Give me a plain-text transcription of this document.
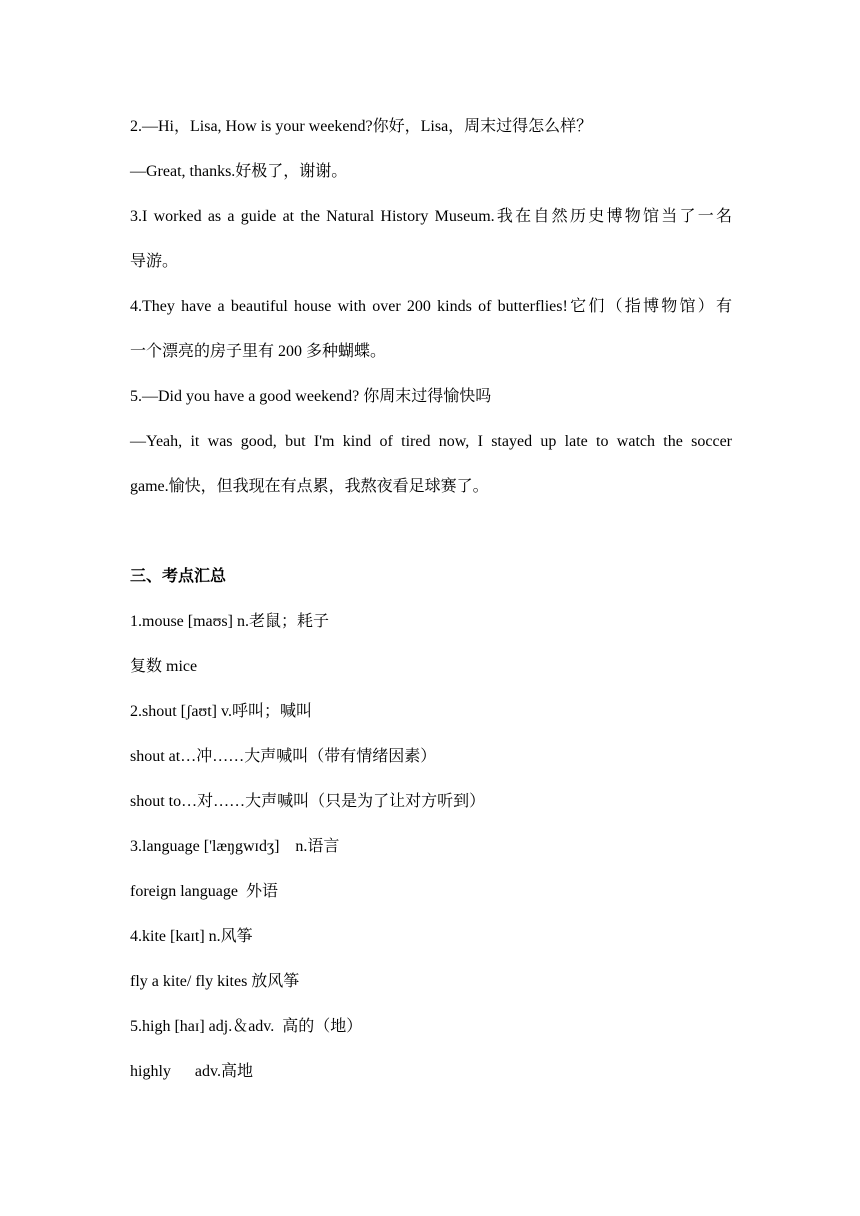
2.—Hi，Lisa, How is your weekend?你好，Lisa，周末过得怎么样？
—Great, thanks.好极了，谢谢。
3.I worked as a guide at the Natural History Museum.我在自然历史博物馆当了一名
导游。
4.They have a beautiful house with over 200 kinds of butterflies!它们（指博物馆）有
一个漂亮的房子里有 200 多种蝴蝶。
5.—Did you have a good weekend? 你周末过得愉快吗
—Yeah, it was good, but I'm kind of tired now, I stayed up late to watch the soccer
game.愉快，但我现在有点累，我熬夜看足球赛了。
三、考点汇总
1.mouse [maʊs] n.老鼠；耗子
复数 mice
2.shout [ʃaʊt] v.呼叫；喊叫
shout at…冲……大声喊叫（带有情绪因素）
shout to…对……大声喊叫（只是为了让对方听到）
3.language ['læŋgwɪdʒ]    n.语言
foreign language  外语
4.kite [kaɪt] n.风筝
fly a kite/ fly kites 放风筝
5.high [haɪ] adj.＆adv.  高的（地）
highly      adv.高地
